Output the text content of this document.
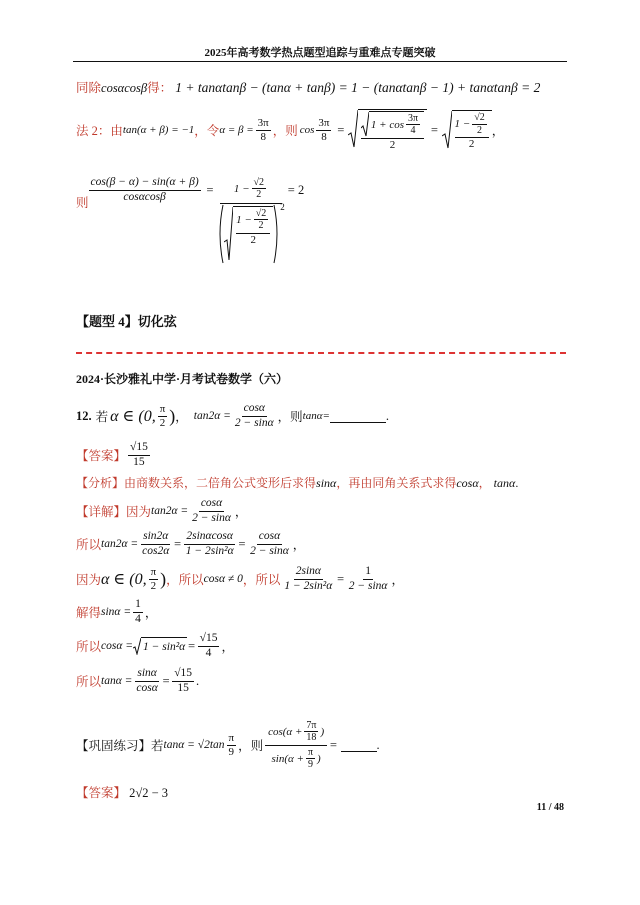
2025年高考数学热点题型追踪与重难点专题突破
同除cosαcosβ得： 1 + tanαtanβ − (tanα + tanβ) = 1 − (tanαtanβ − 1) + tanαtanβ = 2
法 2：由 tan(α + β) = −1 ，令 $\alpha = \beta = \frac{3\pi}{8}$ ，则 $\cos \frac{3\pi}{8} = 1 + \cos \frac{3\pi}{4}$
2
= $1 - \frac{√2}{2}$
2
，
则 $\frac{\cos(\beta - \alpha) - \sin(\alpha + \beta)}{\cos\alpha\cos\beta} = 1 - \frac{√2}{2}$
$1 - \frac{√2}{2}$
2
2
= 2
【题型 4】切化弦
2024·长沙雅礼中学·月考试卷数学（六）
12. 若 α ∈ (0, $\frac{\pi}{2}$ ) ， $\tan 2\alpha = \frac{\cos\alpha}{2 - \sin\alpha}$ ，则 tanα=	.
【答案】 $\frac{√15}{15}$
【分析】由商数关系，二倍角公式变形后求得sinα，再由同角关系式求得cosα， tanα.
【详解】 因为 $\tan 2\alpha = \frac{\cos\alpha}{2 - \sin\alpha}$ ，
所以 $\tan 2\alpha = \frac{\sin 2\alpha}{\cos 2\alpha} = \frac{2\sin\alpha\cos\alpha}{\text{1 − 2sin²α}} = \frac{\cos\alpha}{2 - \sin\alpha}$ ，
因为 α ∈ (0, $\frac{\pi}{2}$ ) ，所以 cosα ≠ 0 ，所以 $\frac{2\sin\alpha}{\text{1 − 2sin²α}} = \frac{1}{2 - \sin\alpha}$ ，
解得 $\sin\alpha = \frac{1}{4}$ ，
所以 $\cos\alpha = 1 - \sin^2\alpha = \frac{√15}{4}$ ，
所以 $\tan\alpha = \frac{\sin\alpha}{\cos\alpha} = \frac{√15}{15}$ .
【巩固练习】若 $\tan\alpha = √2\tan \frac{\pi}{9}$ ，则 $\frac{\cos(\alpha + \frac{7\pi}{18} )}{\sin(\alpha + \frac{\pi}{9} )}$ =	.
【答案】 2√2 − 3
11 / 48
